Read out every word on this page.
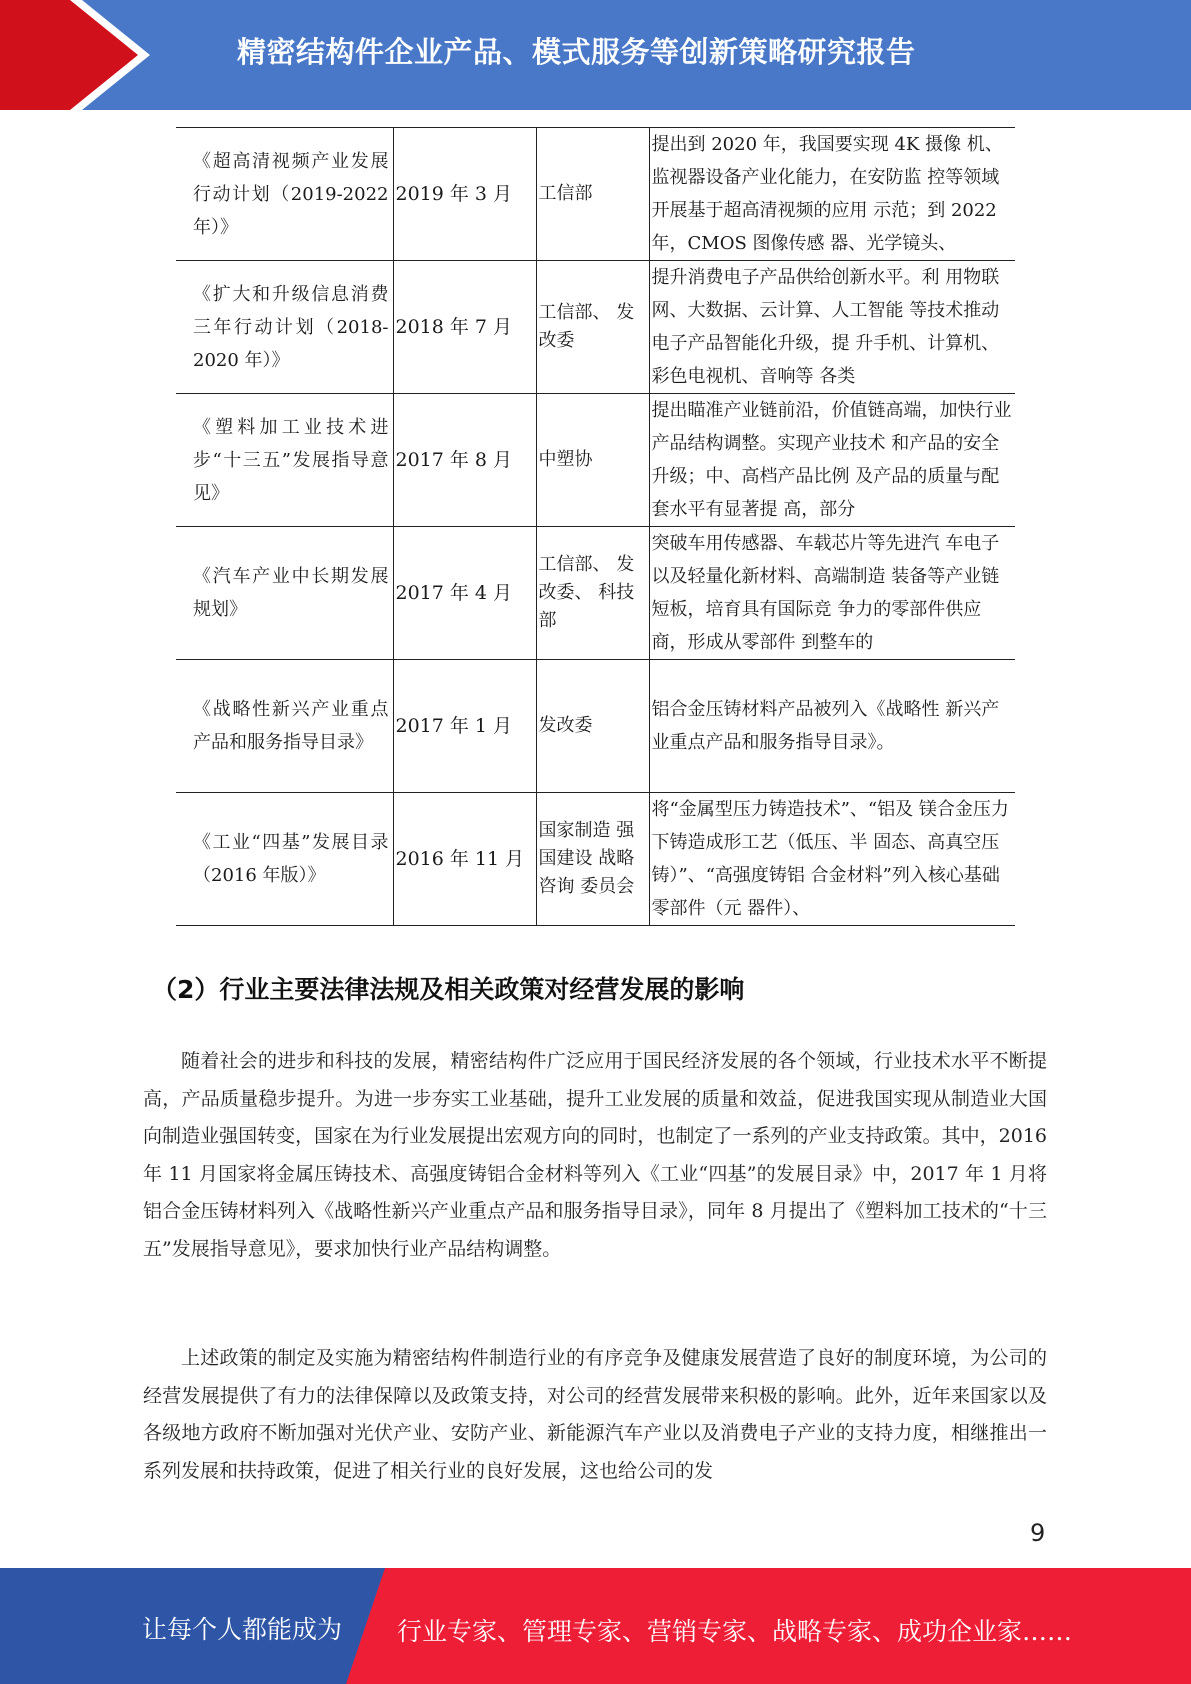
精密结构件企业产品、模式服务等创新策略研究报告
《超高清视频产业发展行动计划（2019-2022 年）》	2019 年 3 月	工信部	提出到 2020 年，我国要实现 4K 摄像 机、监视器设备产业化能力，在安防监 控等领域开展基于超高清视频的应用 示范；到 2022 年，CMOS 图像传感 器、光学镜头、

《扩大和升级信息消费三年行动计划（2018-2020 年）》	2018 年 7 月	工信部、 发改委	提升消费电子产品供给创新水平。利 用物联网、大数据、云计算、人工智能 等技术推动电子产品智能化升级，提 升手机、计算机、彩色电视机、音响等 各类

《塑料加工业技术进步“十三五”发展指导意见》	2017 年 8 月	中塑协	提出瞄准产业链前沿，价值链高端，加快行业产品结构调整。实现产业技术 和产品的安全升级；中、高档产品比例 及产品的质量与配套水平有显著提 高，部分

《汽车产业中长期发展规划》	2017 年 4 月	工信部、 发改委、 科技部	突破车用传感器、车载芯片等先进汽 车电子以及轻量化新材料、高端制造 装备等产业链短板，培育具有国际竞 争力的零部件供应商，形成从零部件 到整车的

《战略性新兴产业重点产品和服务指导目录》	2017 年 1 月	发改委	铝合金压铸材料产品被列入《战略性 新兴产业重点产品和服务指导目录》。

《工业“四基”发展目录（2016 年版）》	2016 年 11 月	国家制造 强国建设 战略咨询 委员会	将“金属型压力铸造技术”、“铝及 镁合金压力下铸造成形工艺（低压、半 固态、高真空压铸）”、“高强度铸铝 合金材料”列入核心基础零部件（元 器件）、
（2）行业主要法律法规及相关政策对经营发展的影响

随着社会的进步和科技的发展，精密结构件广泛应用于国民经济发展的各个领域，行业技术水平不断提高，产品质量稳步提升。为进一步夯实工业基础，提升工业发展的质量和效益，促进我国实现从制造业大国向制造业强国转变，国家在为行业发展提出宏观方向的同时，也制定了一系列的产业支持政策。其中，2016 年 11 月国家将金属压铸技术、高强度铸铝合金材料等列入《工业“四基”的发展目录》中，2017 年 1 月将铝合金压铸材料列入《战略性新兴产业重点产品和服务指导目录》，同年 8 月提出了《塑料加工技术的“十三五”发展指导意见》，要求加快行业产品结构调整。

上述政策的制定及实施为精密结构件制造行业的有序竞争及健康发展营造了良好的制度环境，为公司的经营发展提供了有力的法律保障以及政策支持，对公司的经营发展带来积极的影响。此外，近年来国家以及各级地方政府不断加强对光伏产业、安防产业、新能源汽车产业以及消费电子产业的支持力度，相继推出一系列发展和扶持政策，促进了相关行业的良好发展，这也给公司的发

9
让每个人都能成为 行业专家、管理专家、营销专家、战略专家、成功企业家……
